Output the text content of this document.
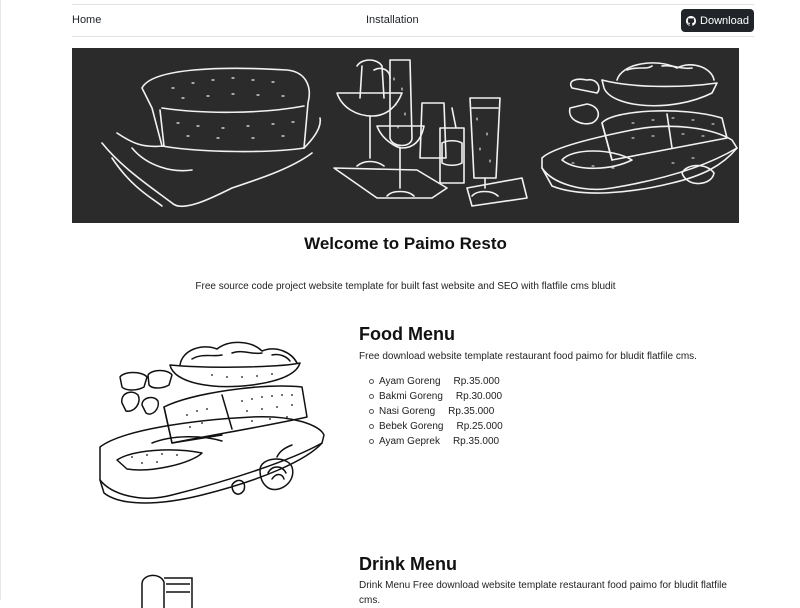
Home	Installation	Download
Welcome to Paimo Resto
Free source code project website template for built fast website and SEO with flatfile cms bludit
Food Menu
Free download website template restaurant food paimo for bludit flatfile cms.
Ayam Goreng Rp.35.000
Bakmi Goreng Rp.30.000
Nasi Goreng Rp.35.000
Bebek Goreng Rp.25.000
Ayam Geprek Rp.35.000
Drink Menu
Drink Menu Free download website template restaurant food paimo for bludit flatfile cms.
